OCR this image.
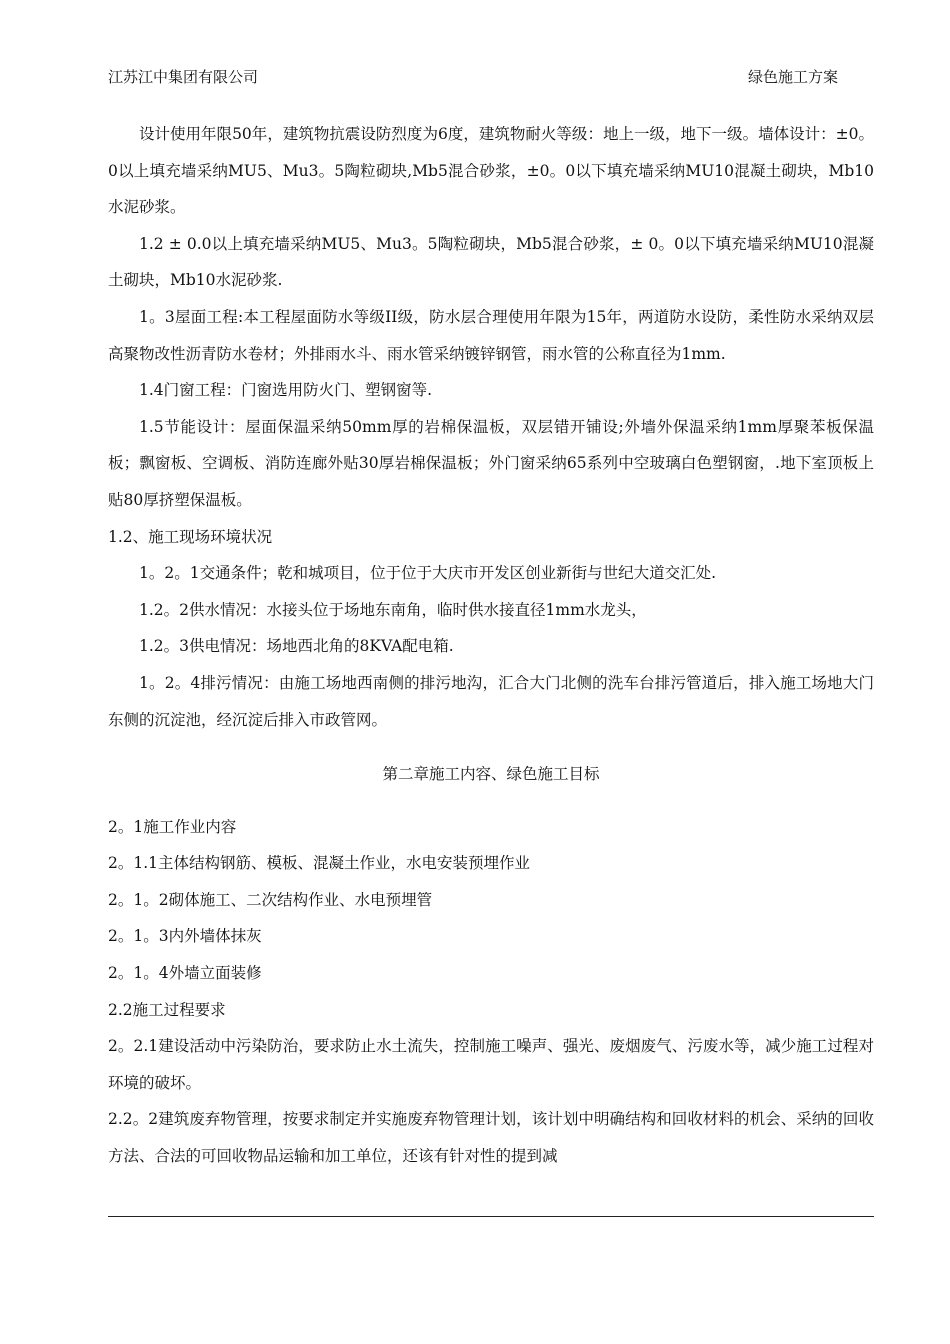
江苏江中集团有限公司	绿色施工方案

设计使用年限50年，建筑物抗震设防烈度为6度，建筑物耐火等级：地上一级，地下一级。墙体设计：±0。0以上填充墙采纳MU5、Mu3。5陶粒砌块,Mb5混合砂浆，±0。0以下填充墙采纳MU10混凝土砌块，Mb10水泥砂浆。

1.2 ± 0.0以上填充墙采纳MU5、Mu3。5陶粒砌块，Mb5混合砂浆，± 0。0以下填充墙采纳MU10混凝土砌块，Mb10水泥砂浆.

1。3屋面工程:本工程屋面防水等级II级，防水层合理使用年限为15年，两道防水设防，柔性防水采纳双层高聚物改性沥青防水卷材；外排雨水斗、雨水管采纳镀锌钢管，雨水管的公称直径为1mm.

1.4门窗工程：门窗选用防火门、塑钢窗等.

1.5节能设计：屋面保温采纳50mm厚的岩棉保温板，双层错开铺设;外墙外保温采纳1mm厚聚苯板保温板；飘窗板、空调板、消防连廊外贴30厚岩棉保温板；外门窗采纳65系列中空玻璃白色塑钢窗，.地下室顶板上贴80厚挤塑保温板。

1.2、施工现场环境状况

1。2。1交通条件；乾和城项目，位于位于大庆市开发区创业新街与世纪大道交汇处.

1.2。2供水情况：水接头位于场地东南角，临时供水接直径1mm水龙头，

1.2。3供电情况：场地西北角的8KVA配电箱.

1。2。4排污情况：由施工场地西南侧的排污地沟，汇合大门北侧的洗车台排污管道后，排入施工场地大门东侧的沉淀池，经沉淀后排入市政管网。

第二章施工内容、绿色施工目标

2。1施工作业内容

2。1.1主体结构钢筋、模板、混凝土作业，水电安装预埋作业

2。1。2砌体施工、二次结构作业、水电预埋管

2。1。3内外墙体抹灰

2。1。4外墙立面装修

2.2施工过程要求

2。2.1建设活动中污染防治，要求防止水土流失，控制施工噪声、强光、废烟废气、污废水等，减少施工过程对环境的破坏。

2.2。2建筑废弃物管理，按要求制定并实施废弃物管理计划，该计划中明确结构和回收材料的机会、采纳的回收方法、合法的可回收物品运输和加工单位，还该有针对性的提到减
